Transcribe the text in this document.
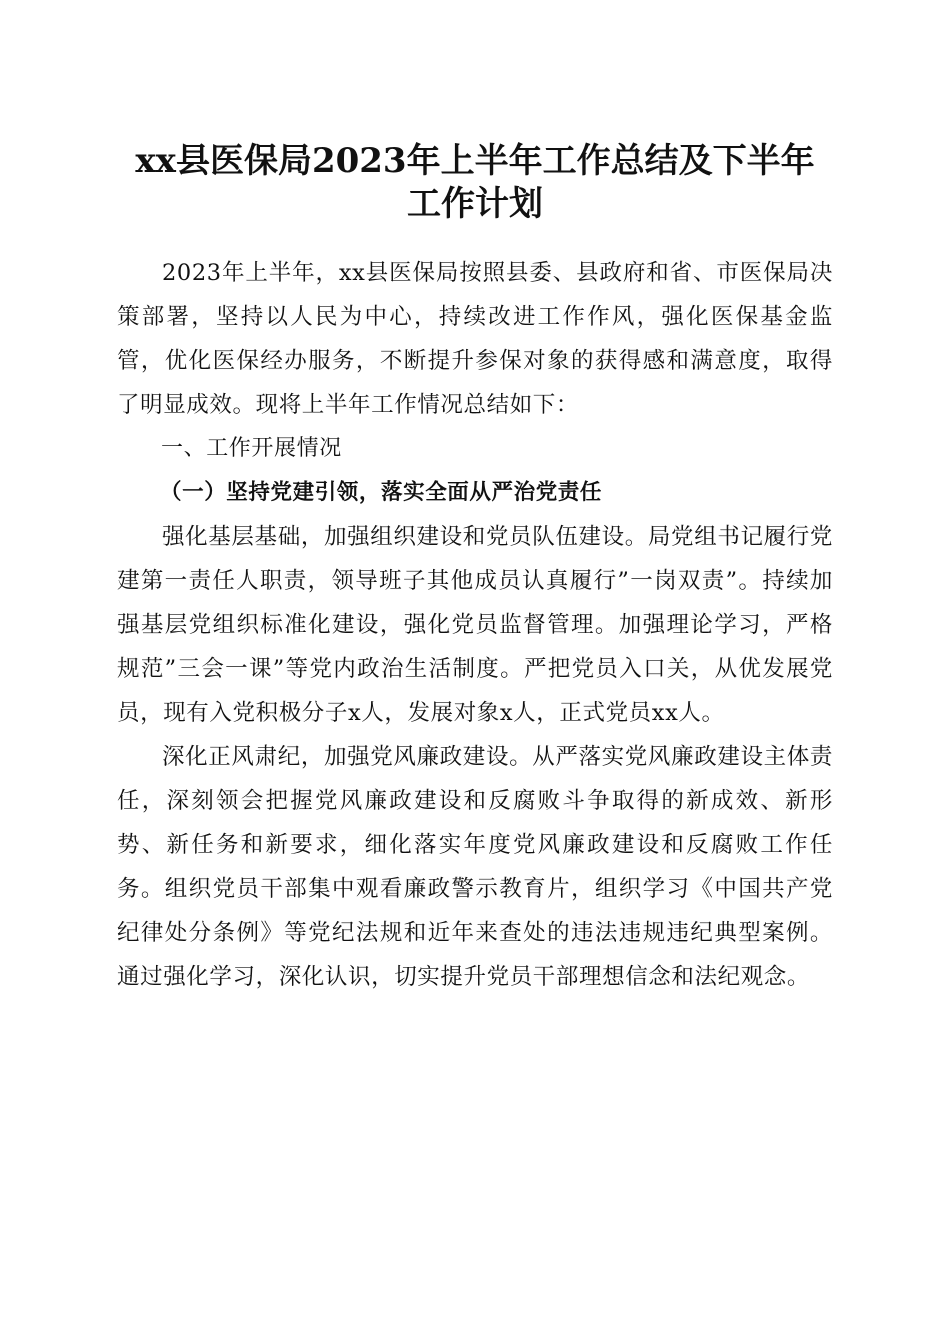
xx县医保局2023年上半年工作总结及下半年
工作计划

2023年上半年，xx县医保局按照县委、县政府和省、市医保局决策部署，坚持以人民为中心，持续改进工作作风，强化医保基金监管，优化医保经办服务，不断提升参保对象的获得感和满意度，取得了明显成效。现将上半年工作情况总结如下：

一、工作开展情况

（一）坚持党建引领，落实全面从严治党责任

强化基层基础，加强组织建设和党员队伍建设。局党组书记履行党建第一责任人职责，领导班子其他成员认真履行”一岗双责”。持续加强基层党组织标准化建设，强化党员监督管理。加强理论学习，严格规范”三会一课”等党内政治生活制度。严把党员入口关，从优发展党员，现有入党积极分子x人，发展对象x人，正式党员xx人。

深化正风肃纪，加强党风廉政建设。从严落实党风廉政建设主体责任，深刻领会把握党风廉政建设和反腐败斗争取得的新成效、新形势、新任务和新要求，细化落实年度党风廉政建设和反腐败工作任务。组织党员干部集中观看廉政警示教育片，组织学习《中国共产党纪律处分条例》等党纪法规和近年来查处的违法违规违纪典型案例。通过强化学习，深化认识，切实提升党员干部理想信念和法纪观念。
